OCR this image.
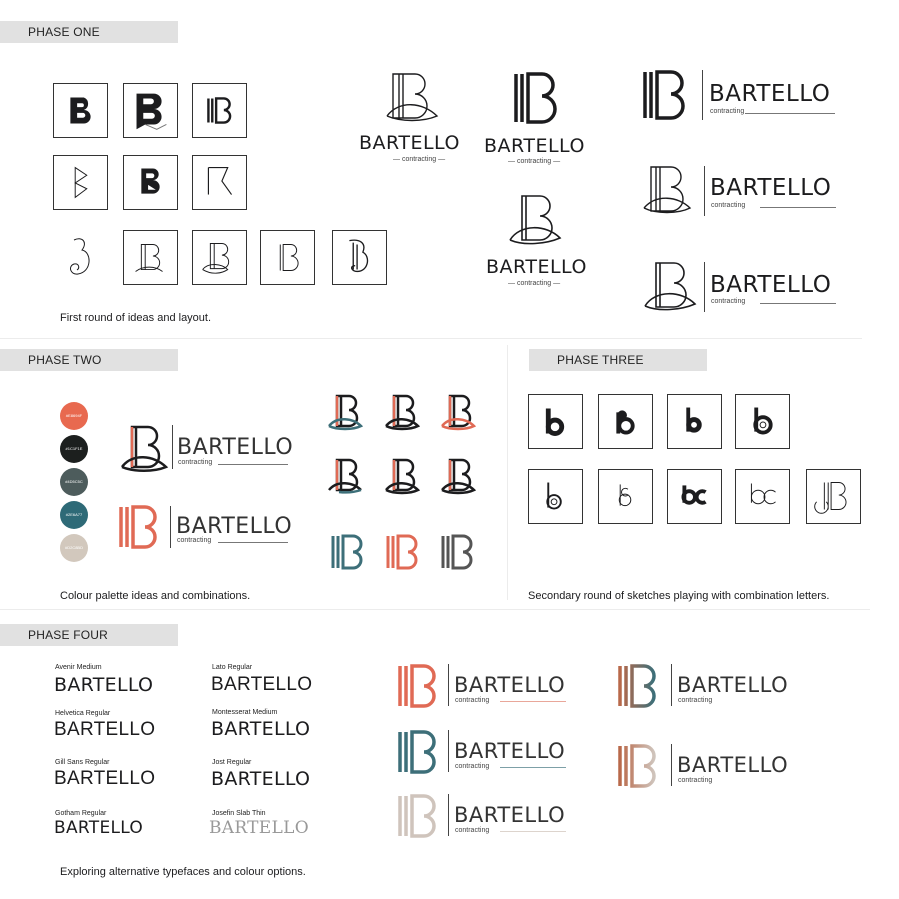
PHASE ONE
BARTELLO
— contracting —
BARTELLO
— contracting —
BARTELLO
— contracting —
BARTELLO
contracting
BARTELLO
contracting
BARTELLO
contracting
First round of ideas and layout.
PHASE TWO
#E8694F
#1C1F1E
#4D5C5C
#2E6A77
#D2C8BD
BARTELLO
contracting
BARTELLO
contracting
Colour palette ideas and combinations.
PHASE THREE
Secondary round of sketches playing with combination letters.
PHASE FOUR
Avenir Medium
BARTELLO
Lato Regular
BARTELLO
Helvetica Regular
BARTELLO
Montesserat Medium
BARTELLO
Gill Sans Regular
BARTELLO
Jost Regular
BARTELLO
Gotham Regular
BARTELLO
Josefin Slab Thin
BARTELLO
BARTELLO
contracting
BARTELLO
contracting
BARTELLO
contracting
BARTELLO
contracting
BARTELLO
contracting
Exploring alternative typefaces and colour options.
